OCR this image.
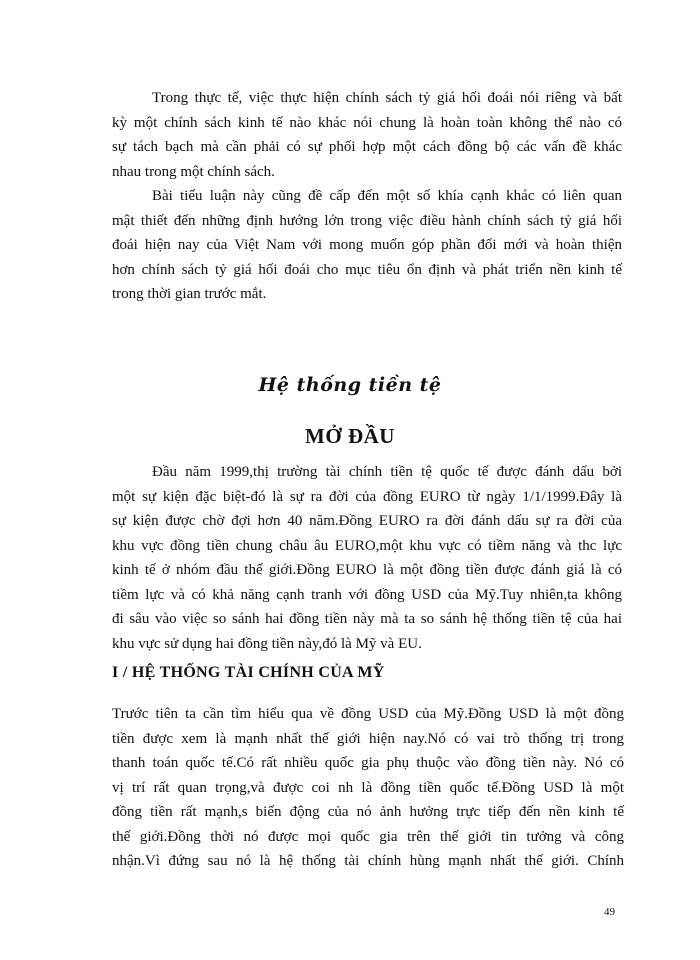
Trong thực tế, việc thực hiện chính sách tỷ giá hối đoái nói riêng và bất
kỳ một chính sách kinh tế nào khác nói chung là hoàn toàn không thể nào có
sự tách bạch mà cần phải có sự phối hợp một cách đồng bộ các vấn đề khác
nhau trong một chính sách.
Bài tiểu luận này cũng đề cấp đến một số khía cạnh khác có liên quan
mật thiết đến những định hướng lớn trong việc điều hành chính sách tỷ giá hối
đoái hiện nay của Việt Nam với mong muốn góp phần đổi mới và hoàn thiện
hơn chính sách tỷ giá hối đoái cho mục tiêu ổn định và phát triển nền kinh tế
trong thời gian trước mắt.
Hệ thống tiền tệ
MỞ ĐẦU
Đầu năm 1999,thị trường tài chính tiền tệ quốc tế được đánh dấu bởi
một sự kiện đặc biệt-đó là sự ra đời của đồng EURO từ ngày 1/1/1999.Đây là
sự kiện được chờ đợi hơn 40 năm.Đồng EURO ra đời đánh dấu sự ra đời của
khu vực đồng tiền chung châu âu EURO,một khu vực có tiềm năng và thc lực
kinh tế ở nhóm đầu thế giới.Đồng EURO là một đồng tiền được đánh giá là có
tiềm lực và có khả năng cạnh tranh với đồng USD của Mỹ.Tuy nhiên,ta không
đi sâu vào việc so sánh hai đồng tiền này mà ta so sánh hệ thống tiền tệ của hai
khu vực sử dụng hai đồng tiền này,đó là Mỹ và EU.
I / HỆ THỐNG TÀI CHÍNH CỦA MỸ
Trước tiên ta cần tìm hiểu qua về đồng USD của Mỹ.Đồng USD là một đồng
tiền được xem là mạnh nhất thế giới hiện nay.Nó có vai trò thống trị trong
thanh toán quốc tế.Có rất nhiều quốc gia phụ thuộc vào đồng tiền này. Nó có
vị trí rất quan trọng,và được coi nh là đồng tiền quốc tế.Đồng USD là một
đồng tiền rất mạnh,s biến động của nó ảnh hưởng trực tiếp đến nền kinh tế
thế giới.Đồng thời nó được mọi quốc gia trên thế giới tin tưởng và công
nhận.Vì đứng sau nó là hệ thống tài chính hùng mạnh nhất thế giới. Chính
49
